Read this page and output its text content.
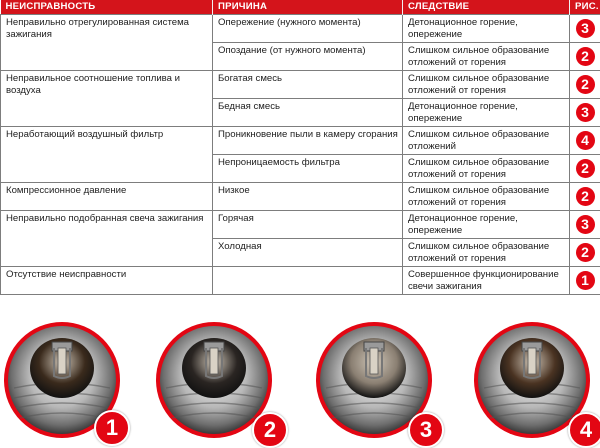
НЕИСПРАВНОСТЬ	ПРИЧИНА	СЛЕДСТВИЕ	РИС.
Неправильно отрегулированная система зажигания	Опережение (нужного момента)	Детонационное горение, опережение	3
	Опоздание (от нужного момента)	Слишком сильное образование отложений от горения	2
Неправильное соотношение топлива и воздуха	Богатая смесь	Слишком сильное образование отложений от горения	2
	Бедная смесь	Детонационное горение, опережение	3
Неработающий воздушный фильтр	Проникновение пыли в камеру сгорания	Слишком сильное образование отложений	4
	Непроницаемость фильтра	Слишком сильное образование отложений от горения	2
Компрессионное давление	Низкое	Слишком сильное образование отложений от горения	2
Неправильно подобранная свеча зажигания	Горячая	Детонационное горение, опережение	3
	Холодная	Слишком сильное образование отложений от горения	2
Отсутствие неисправности		Совершенное функционирование свечи зажигания	1
1	2	3	4
